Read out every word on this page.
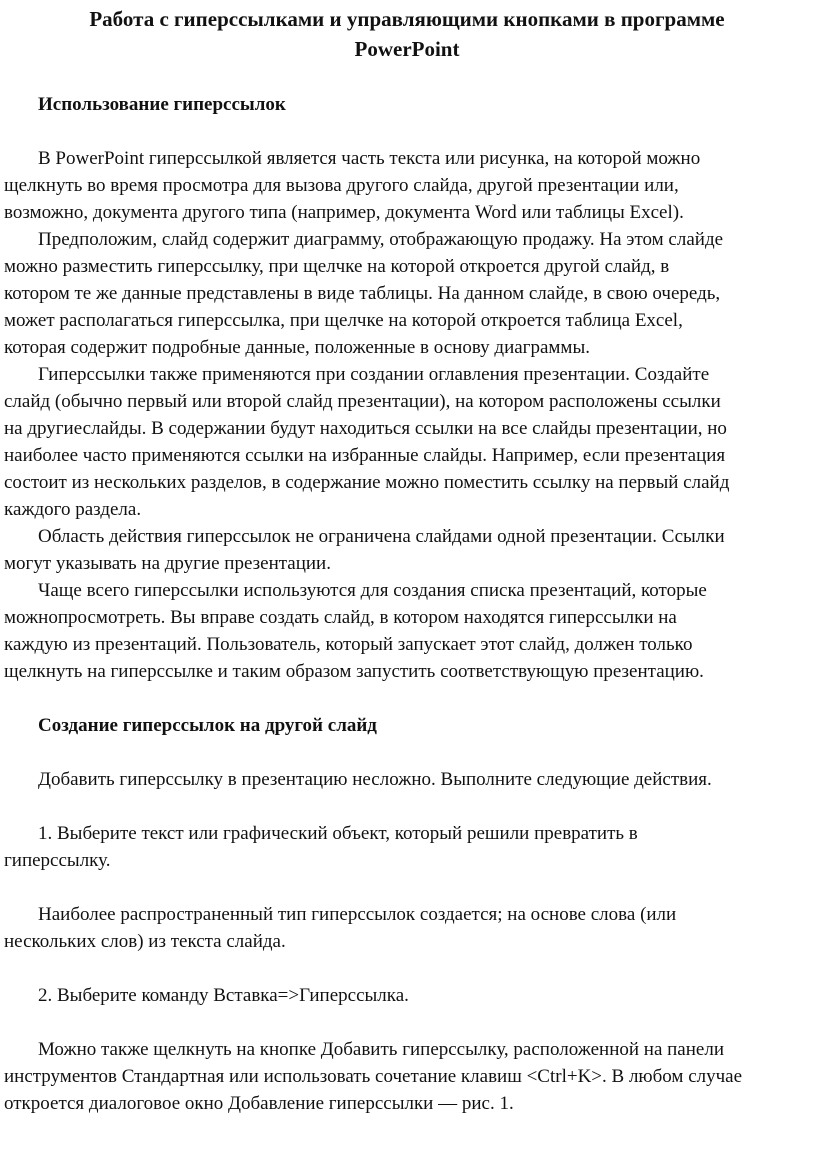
Работа с гиперссылками и управляющими кнопками в программе
PowerPoint
Использование гиперссылок

В PowerPoint гиперссылкой является часть текста или рисунка, на которой можно
щелкнуть во время просмотра для вызова другого слайда, другой презентации или,
возможно, документа другого типа (например, документа Word или таблицы Excel).

Предположим, слайд содержит диаграмму, отображающую продажу. На этом слайде
можно разместить гиперссылку, при щелчке на которой откроется другой слайд, в
котором те же данные представлены в виде таблицы. На данном слайде, в свою очередь,
может располагаться гиперссылка, при щелчке на которой откроется таблица Excel,
которая содержит подробные данные, положенные в основу диаграммы.

Гиперссылки также применяются при создании оглавления презентации. Создайте
слайд (обычно первый или второй слайд презентации), на котором расположены ссылки
на другиеслайды. В содержании будут находиться ссылки на все слайды презентации, но
наиболее часто применяются ссылки на избранные слайды. Например, если презентация
состоит из нескольких разделов, в содержание можно поместить ссылку на первый слайд
каждого раздела.

Область действия гиперссылок не ограничена слайдами одной презентации. Ссылки
могут указывать на другие презентации.

Чаще всего гиперссылки используются для создания списка презентаций, которые
можнопросмотреть. Вы вправе создать слайд, в котором находятся гиперссылки на
каждую из презентаций. Пользователь, который запускает этот слайд, должен только
щелкнуть на гиперссылке и таким образом запустить соответствующую презентацию.

Создание гиперссылок на другой слайд

Добавить гиперссылку в презентацию несложно. Выполните следующие действия.

1. Выберите текст или графический объект, который решили превратить в
гиперссылку.

Наиболее распространенный тип гиперссылок создается; на основе слова (или
нескольких слов) из текста слайда.

2. Выберите команду Вставка=>Гиперссылка.

Можно также щелкнуть на кнопке Добавить гиперссылку, расположенной на панели
инструментов Стандартная или использовать сочетание клавиш <Ctrl+K>. В любом случае
откроется диалоговое окно Добавление гиперссылки — рис. 1.
